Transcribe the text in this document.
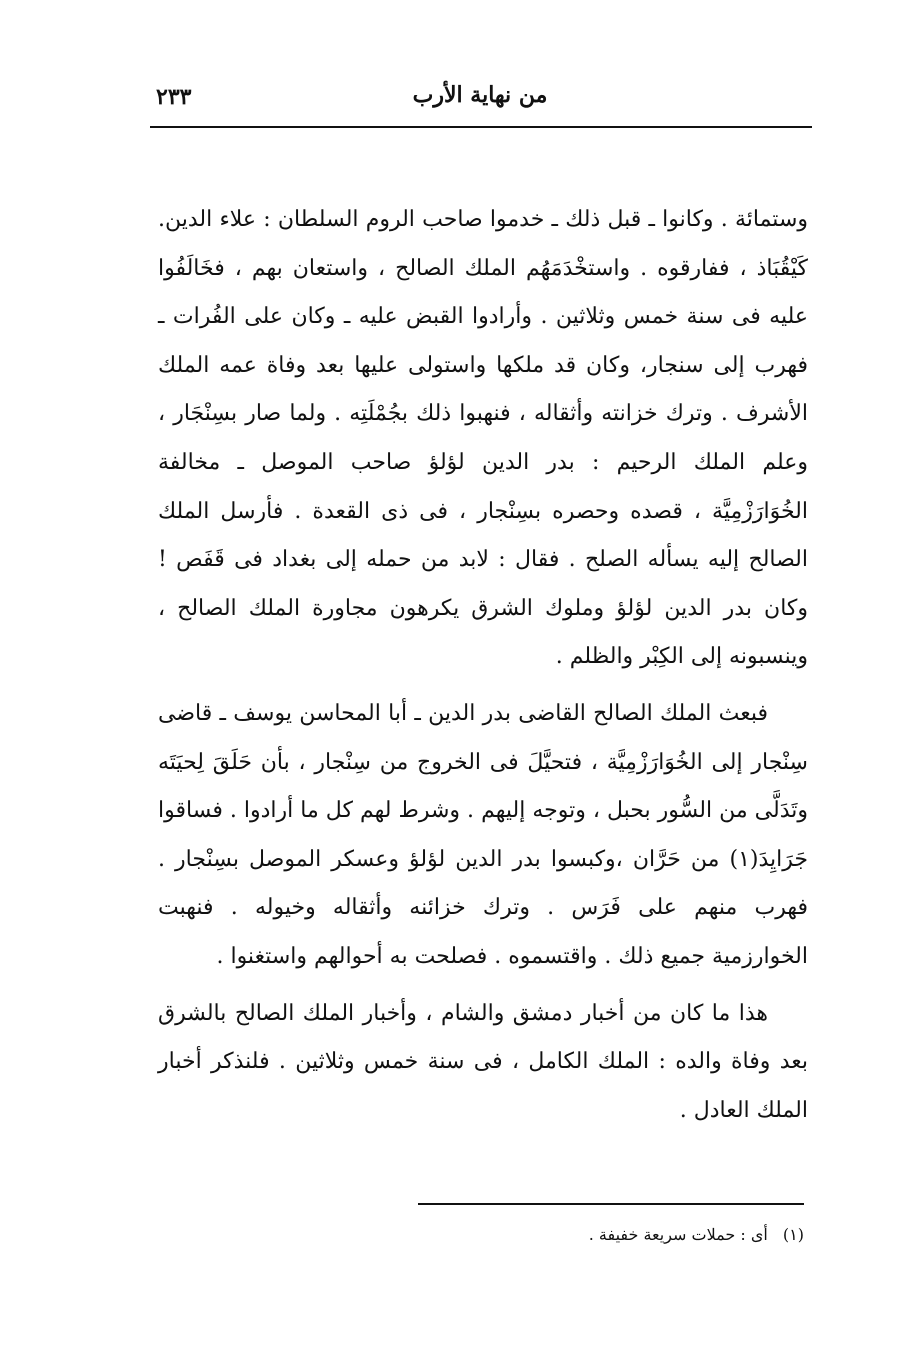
من نهاية الأرب
٢٣٣

وستمائة . وكانوا ـ قبل ذلك ـ خدموا صاحب الروم السلطان : علاء الدين. كَيْقُبَاذ ، ففارقوه . واستخْدَمَهُم الملك الصالح ، واستعان بهم ، فخَالَفُوا عليه فى سنة خمس وثلاثين . وأرادوا القبض عليه ـ وكان على الفُرات ـ فهرب إلى سنجار، وكان قد ملكها واستولى عليها بعد وفاة عمه الملك الأشرف . وترك خزانته وأثقاله ، فنهبوا ذلك بجُمْلَتِه . ولما صار بسِنْجَار ، وعلم الملك الرحيم : بدر الدين لؤلؤ صاحب الموصل ـ مخالفة الخُوَارَزْمِيَّة ، قصده وحصره بسِنْجار ، فى ذى القعدة . فأرسل الملك الصالح إليه يسأله الصلح . فقال : لابد من حمله إلى بغداد فى قَفَص ! وكان بدر الدين لؤلؤ وملوك الشرق يكرهون مجاورة الملك الصالح ، وينسبونه إلى الكِبْر والظلم .

فبعث الملك الصالح القاضى بدر الدين ـ أبا المحاسن يوسف ـ قاضى سِنْجار إلى الخُوَارَزْمِيَّة ، فتحيَّلَ فى الخروج من سِنْجار ، بأن حَلَقَ لِحيَتَه وتَدَلَّى من السُّور بحبل ، وتوجه إليهم . وشرط لهم كل ما أرادوا . فساقوا جَرَايِدَ(١) من حَرَّان ،وكبسوا بدر الدين لؤلؤ وعسكر الموصل بسِنْجار . فهرب منهم على فَرَس . وترك خزائنه وأثقاله وخيوله . فنهبت الخوارزمية جميع ذلك . واقتسموه . فصلحت به أحوالهم واستغنوا .

هذا ما كان من أخبار دمشق والشام ، وأخبار الملك الصالح بالشرق بعد وفاة والده : الملك الكامل ، فى سنة خمس وثلاثين . فلنذكر أخبار الملك العادل .

(١) أى : حملات سريعة خفيفة .
